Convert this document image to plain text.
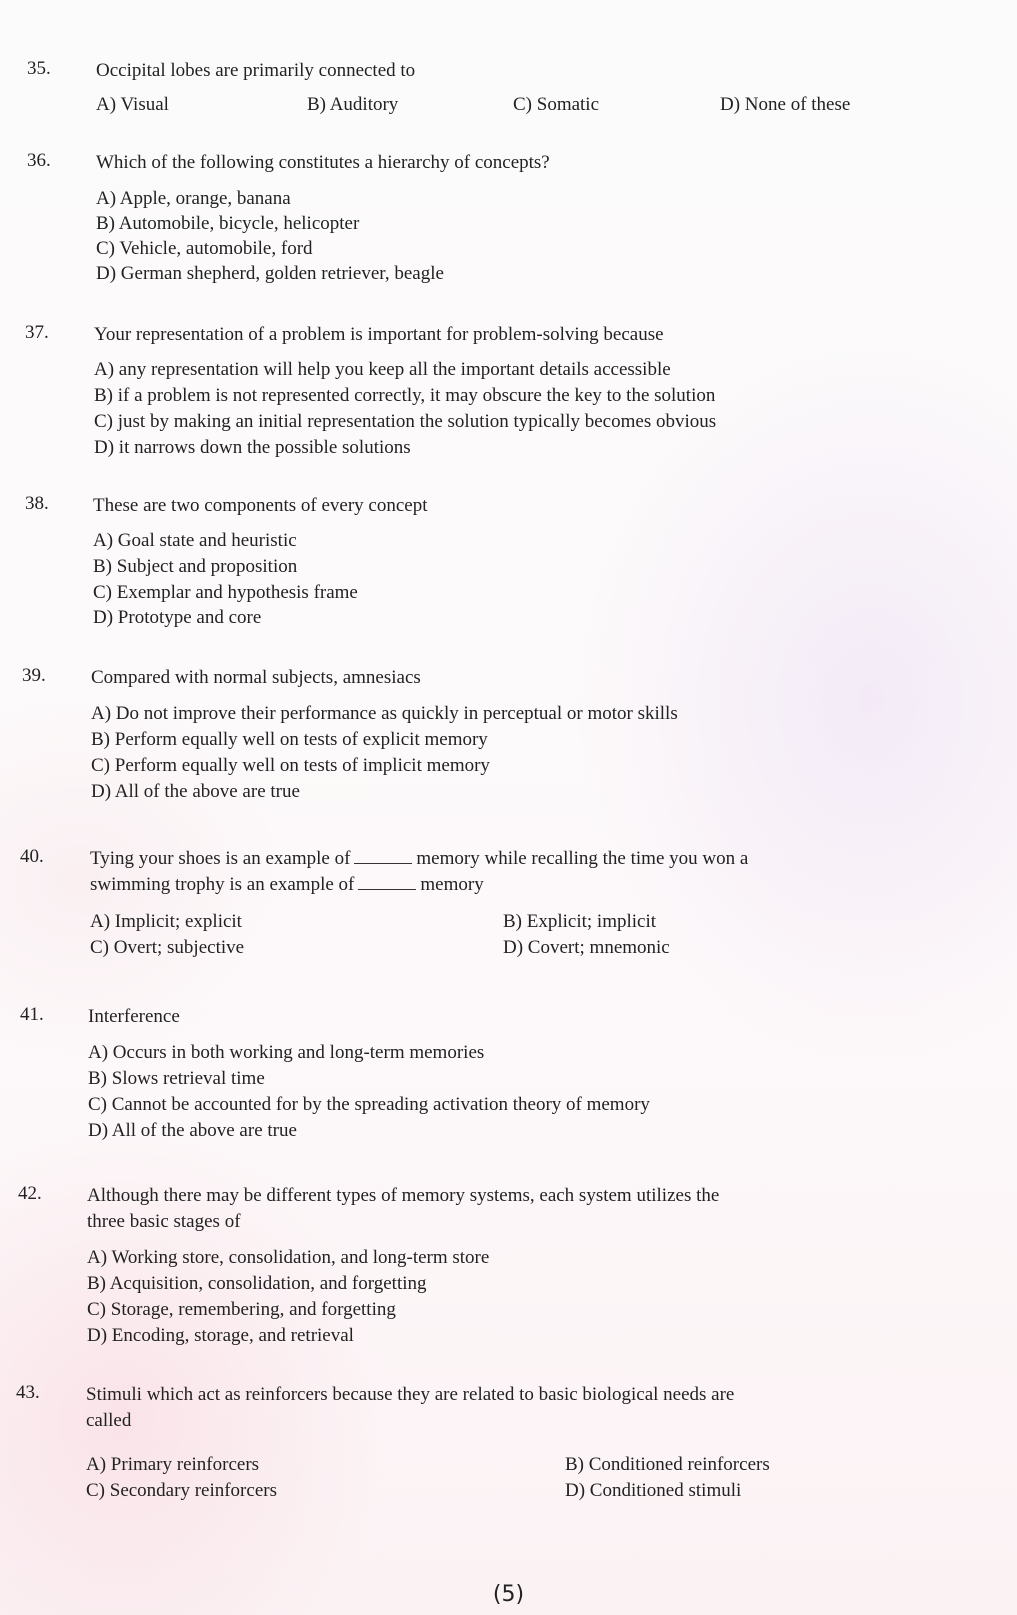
35. Occipital lobes are primarily connected to
A) Visual	B) Auditory	C) Somatic	D) None of these
36. Which of the following constitutes a hierarchy of concepts?
A) Apple, orange, banana
B) Automobile, bicycle, helicopter
C) Vehicle, automobile, ford
D) German shepherd, golden retriever, beagle
37. Your representation of a problem is important for problem-solving because
A) any representation will help you keep all the important details accessible
B) if a problem is not represented correctly, it may obscure the key to the solution
C) just by making an initial representation the solution typically becomes obvious
D) it narrows down the possible solutions
38. These are two components of every concept
A) Goal state and heuristic
B) Subject and proposition
C) Exemplar and hypothesis frame
D) Prototype and core
39. Compared with normal subjects, amnesiacs
A) Do not improve their performance as quickly in perceptual or motor skills
B) Perform equally well on tests of explicit memory
C) Perform equally well on tests of implicit memory
D) All of the above are true
40. Tying your shoes is an example of	memory while recalling the time you won a
swimming trophy is an example of	memory
A) Implicit; explicit	B) Explicit; implicit
C) Overt; subjective	D) Covert; mnemonic
41. Interference
A) Occurs in both working and long-term memories
B) Slows retrieval time
C) Cannot be accounted for by the spreading activation theory of memory
D) All of the above are true
42. Although there may be different types of memory systems, each system utilizes the
three basic stages of
A) Working store, consolidation, and long-term store
B) Acquisition, consolidation, and forgetting
C) Storage, remembering, and forgetting
D) Encoding, storage, and retrieval
43. Stimuli which act as reinforcers because they are related to basic biological needs are
called
A) Primary reinforcers	B) Conditioned reinforcers
C) Secondary reinforcers	D) Conditioned stimuli
(5)
